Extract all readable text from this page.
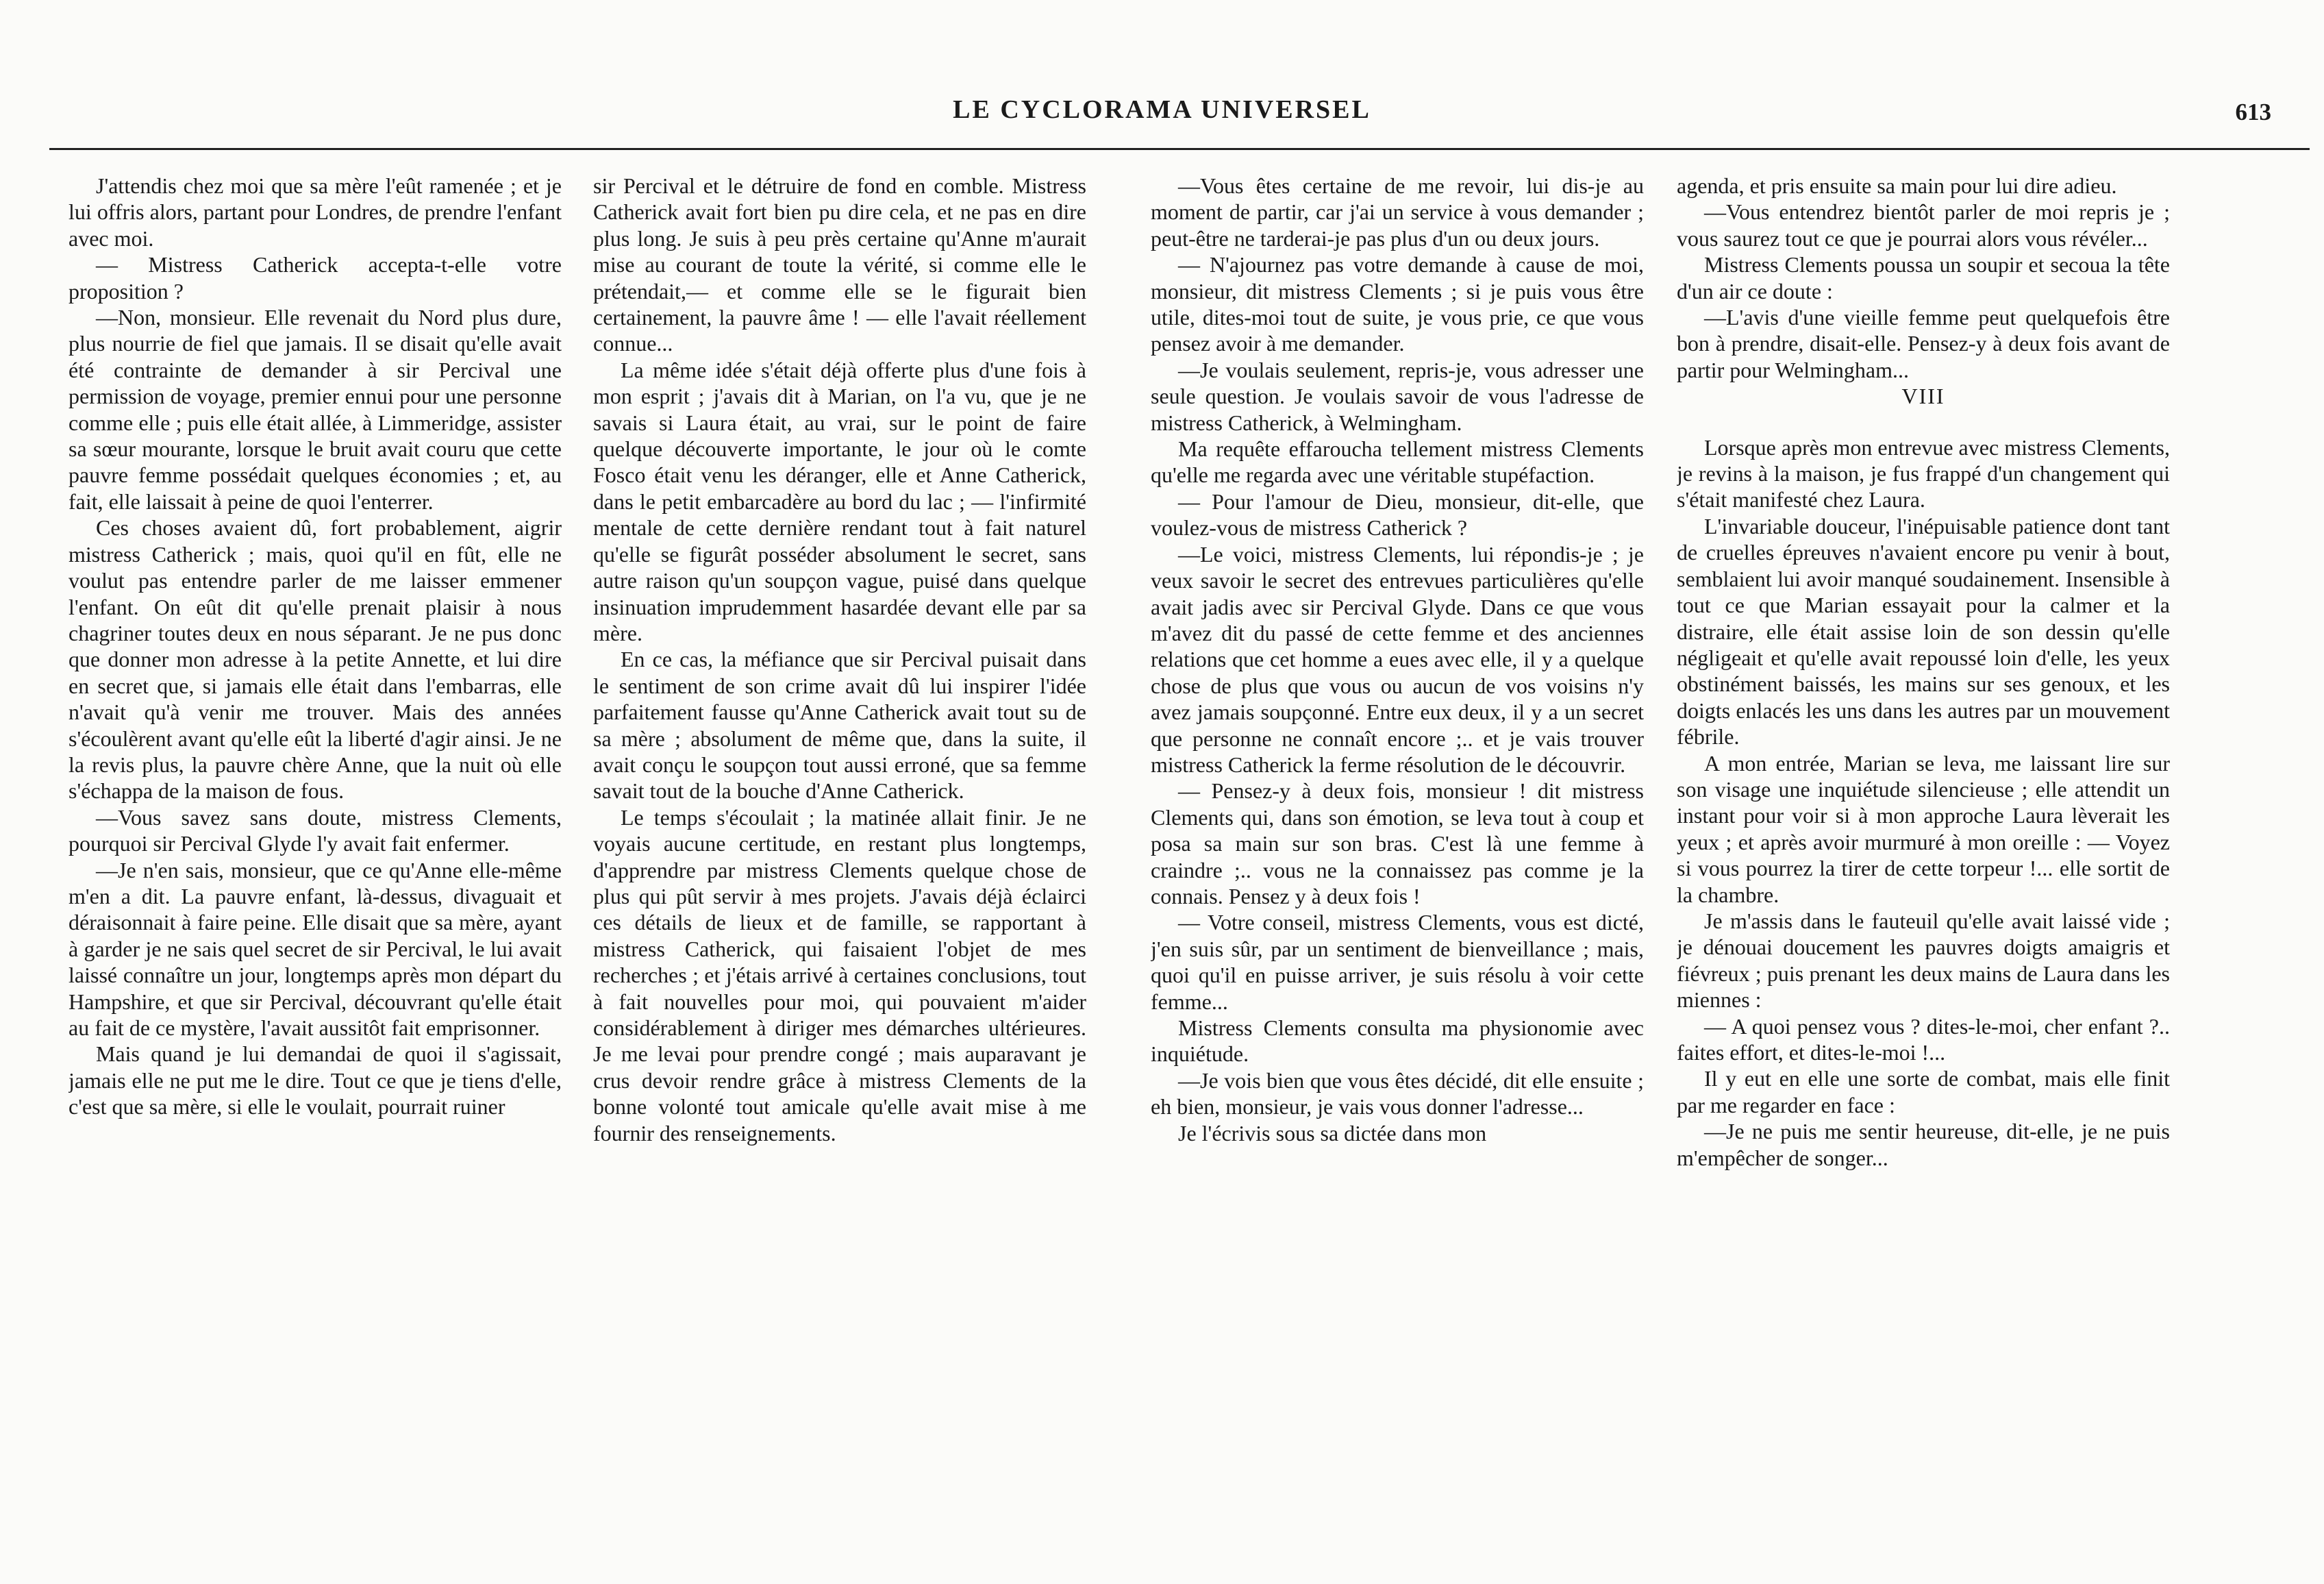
LE CYCLORAMA UNIVERSEL	613

J'attendis chez moi que sa mère l'eût ramenée ; et je lui offris alors, partant pour Londres, de prendre l'enfant avec moi.

— Mistress Catherick accepta-t-elle votre proposition ?

—Non, monsieur. Elle revenait du Nord plus dure, plus nourrie de fiel que jamais. Il se disait qu'elle avait été contrainte de demander à sir Percival une permission de voyage, premier ennui pour une personne comme elle ; puis elle était allée, à Limmeridge, assister sa sœur mourante, lorsque le bruit avait couru que cette pauvre femme possédait quelques économies ; et, au fait, elle laissait à peine de quoi l'enterrer.

Ces choses avaient dû, fort probablement, aigrir mistress Catherick ; mais, quoi qu'il en fût, elle ne voulut pas entendre parler de me laisser emmener l'enfant. On eût dit qu'elle prenait plaisir à nous chagriner toutes deux en nous séparant. Je ne pus donc que donner mon adresse à la petite Annette, et lui dire en secret que, si jamais elle était dans l'embarras, elle n'avait qu'à venir me trouver. Mais des années s'écoulèrent avant qu'elle eût la liberté d'agir ainsi. Je ne la revis plus, la pauvre chère Anne, que la nuit où elle s'échappa de la maison de fous.

—Vous savez sans doute, mistress Clements, pourquoi sir Percival Glyde l'y avait fait enfermer.

—Je n'en sais, monsieur, que ce qu'Anne elle-même m'en a dit. La pauvre enfant, là-dessus, divaguait et déraisonnait à faire peine. Elle disait que sa mère, ayant à garder je ne sais quel secret de sir Percival, le lui avait laissé connaître un jour, longtemps après mon départ du Hampshire, et que sir Percival, découvrant qu'elle était au fait de ce mystère, l'avait aussitôt fait emprisonner.

Mais quand je lui demandai de quoi il s'agissait, jamais elle ne put me le dire. Tout ce que je tiens d'elle, c'est que sa mère, si elle le voulait, pourrait ruiner

sir Percival et le détruire de fond en comble. Mistress Catherick avait fort bien pu dire cela, et ne pas en dire plus long. Je suis à peu près certaine qu'Anne m'aurait mise au courant de toute la vérité, si comme elle le prétendait,— et comme elle se le figurait bien certainement, la pauvre âme ! — elle l'avait réellement connue...

La même idée s'était déjà offerte plus d'une fois à mon esprit ; j'avais dit à Marian, on l'a vu, que je ne savais si Laura était, au vrai, sur le point de faire quelque découverte importante, le jour où le comte Fosco était venu les déranger, elle et Anne Catherick, dans le petit embarcadère au bord du lac ; — l'infirmité mentale de cette dernière rendant tout à fait naturel qu'elle se figurât posséder absolument le secret, sans autre raison qu'un soupçon vague, puisé dans quelque insinuation imprudemment hasardée devant elle par sa mère.

En ce cas, la méfiance que sir Percival puisait dans le sentiment de son crime avait dû lui inspirer l'idée parfaitement fausse qu'Anne Catherick avait tout su de sa mère ; absolument de même que, dans la suite, il avait conçu le soupçon tout aussi erroné, que sa femme savait tout de la bouche d'Anne Catherick.

Le temps s'écoulait ; la matinée allait finir. Je ne voyais aucune certitude, en restant plus longtemps, d'apprendre par mistress Clements quelque chose de plus qui pût servir à mes projets. J'avais déjà éclairci ces détails de lieux et de famille, se rapportant à mistress Catherick, qui faisaient l'objet de mes recherches ; et j'étais arrivé à certaines conclusions, tout à fait nouvelles pour moi, qui pouvaient m'aider considérablement à diriger mes démarches ultérieures. Je me levai pour prendre congé ; mais auparavant je crus devoir rendre grâce à mistress Clements de la bonne volonté tout amicale qu'elle avait mise à me fournir des renseignements.

—Vous êtes certaine de me revoir, lui dis-je au moment de partir, car j'ai un service à vous demander ; peut-être ne tarderai-je pas plus d'un ou deux jours.

— N'ajournez pas votre demande à cause de moi, monsieur, dit mistress Clements ; si je puis vous être utile, dites-moi tout de suite, je vous prie, ce que vous pensez avoir à me demander.

—Je voulais seulement, repris-je, vous adresser une seule question. Je voulais savoir de vous l'adresse de mistress Catherick, à Welmingham.

Ma requête effaroucha tellement mistress Clements qu'elle me regarda avec une véritable stupéfaction.

— Pour l'amour de Dieu, monsieur, dit-elle, que voulez-vous de mistress Catherick ?

—Le voici, mistress Clements, lui répondis-je ; je veux savoir le secret des entrevues particulières qu'elle avait jadis avec sir Percival Glyde. Dans ce que vous m'avez dit du passé de cette femme et des anciennes relations que cet homme a eues avec elle, il y a quelque chose de plus que vous ou aucun de vos voisins n'y avez jamais soupçonné. Entre eux deux, il y a un secret que personne ne connaît encore ;.. et je vais trouver mistress Catherick la ferme résolution de le découvrir.

— Pensez-y à deux fois, monsieur ! dit mistress Clements qui, dans son émotion, se leva tout à coup et posa sa main sur son bras. C'est là une femme à craindre ;.. vous ne la connaissez pas comme je la connais. Pensez y à deux fois !

— Votre conseil, mistress Clements, vous est dicté, j'en suis sûr, par un sentiment de bienveillance ; mais, quoi qu'il en puisse arriver, je suis résolu à voir cette femme...

Mistress Clements consulta ma physionomie avec inquiétude.

—Je vois bien que vous êtes décidé, dit elle ensuite ; eh bien, monsieur, je vais vous donner l'adresse...

Je l'écrivis sous sa dictée dans mon

agenda, et pris ensuite sa main pour lui dire adieu.

—Vous entendrez bientôt parler de moi repris je ; vous saurez tout ce que je pourrai alors vous révéler...

Mistress Clements poussa un soupir et secoua la tête d'un air ce doute :

—L'avis d'une vieille femme peut quelquefois être bon à prendre, disait-elle. Pensez-y à deux fois avant de partir pour Welmingham...

VIII

Lorsque après mon entrevue avec mistress Clements, je revins à la maison, je fus frappé d'un changement qui s'était manifesté chez Laura.

L'invariable douceur, l'inépuisable patience dont tant de cruelles épreuves n'avaient encore pu venir à bout, semblaient lui avoir manqué soudainement. Insensible à tout ce que Marian essayait pour la calmer et la distraire, elle était assise loin de son dessin qu'elle négligeait et qu'elle avait repoussé loin d'elle, les yeux obstinément baissés, les mains sur ses genoux, et les doigts enlacés les uns dans les autres par un mouvement fébrile.

A mon entrée, Marian se leva, me laissant lire sur son visage une inquiétude silencieuse ; elle attendit un instant pour voir si à mon approche Laura lèverait les yeux ; et après avoir murmuré à mon oreille : — Voyez si vous pourrez la tirer de cette torpeur !... elle sortit de la chambre.

Je m'assis dans le fauteuil qu'elle avait laissé vide ; je dénouai doucement les pauvres doigts amaigris et fiévreux ; puis prenant les deux mains de Laura dans les miennes :

— A quoi pensez vous ? dites-le-moi, cher enfant ?.. faites effort, et dites-le-moi !...

Il y eut en elle une sorte de combat, mais elle finit par me regarder en face :

—Je ne puis me sentir heureuse, dit-elle, je ne puis m'empêcher de songer...
